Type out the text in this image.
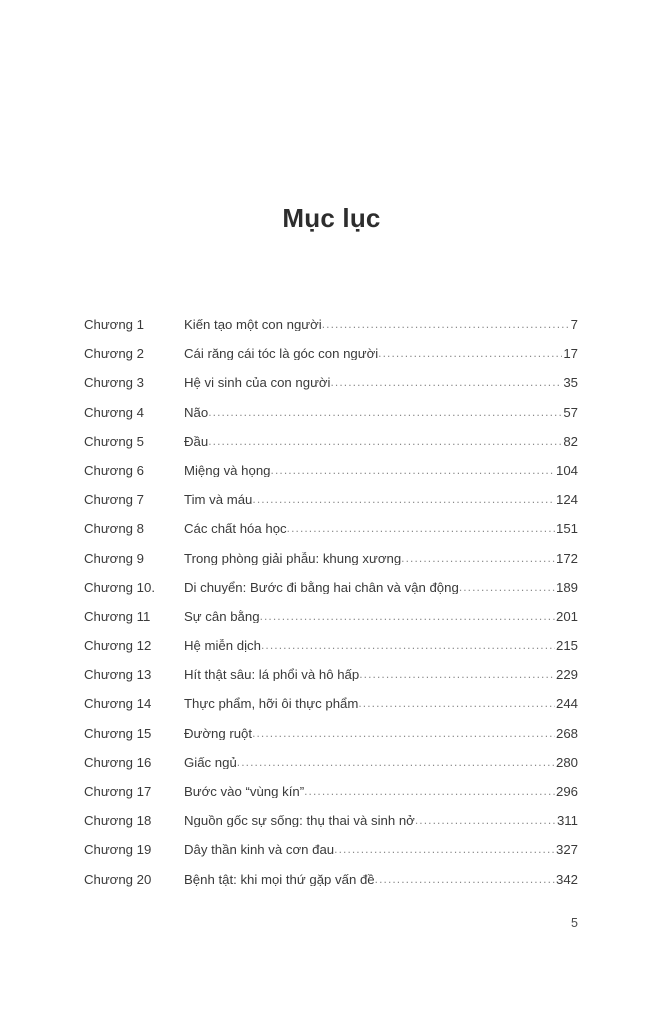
Mục lục
Chương 1	Kiến tạo một con người .....	7
Chương 2	Cái răng cái tóc là góc con người .....	17
Chương 3	Hệ vi sinh của con người .....	35
Chương 4	Não .....	57
Chương 5	Đầu .....	82
Chương 6	Miệng và họng .....	104
Chương 7	Tim và máu .....	124
Chương 8	Các chất hóa học .....	151
Chương 9	Trong phòng giải phẫu: khung xương .....	172
Chương 10.	Di chuyển: Bước đi bằng hai chân và vận động .....	189
Chương 11	Sự cân bằng .....	201
Chương 12	Hệ miễn dịch .....	215
Chương 13	Hít thật sâu: lá phổi và hô hấp .....	229
Chương 14	Thực phẩm, hỡi ôi thực phẩm .....	244
Chương 15	Đường ruột .....	268
Chương 16	Giấc ngủ .....	280
Chương 17	Bước vào “vùng kín” .....	296
Chương 18	Nguồn gốc sự sống: thụ thai và sinh nở .....	311
Chương 19	Dây thần kinh và cơn đau .....	327
Chương 20	Bệnh tật: khi mọi thứ gặp vấn đề .....	342
5
